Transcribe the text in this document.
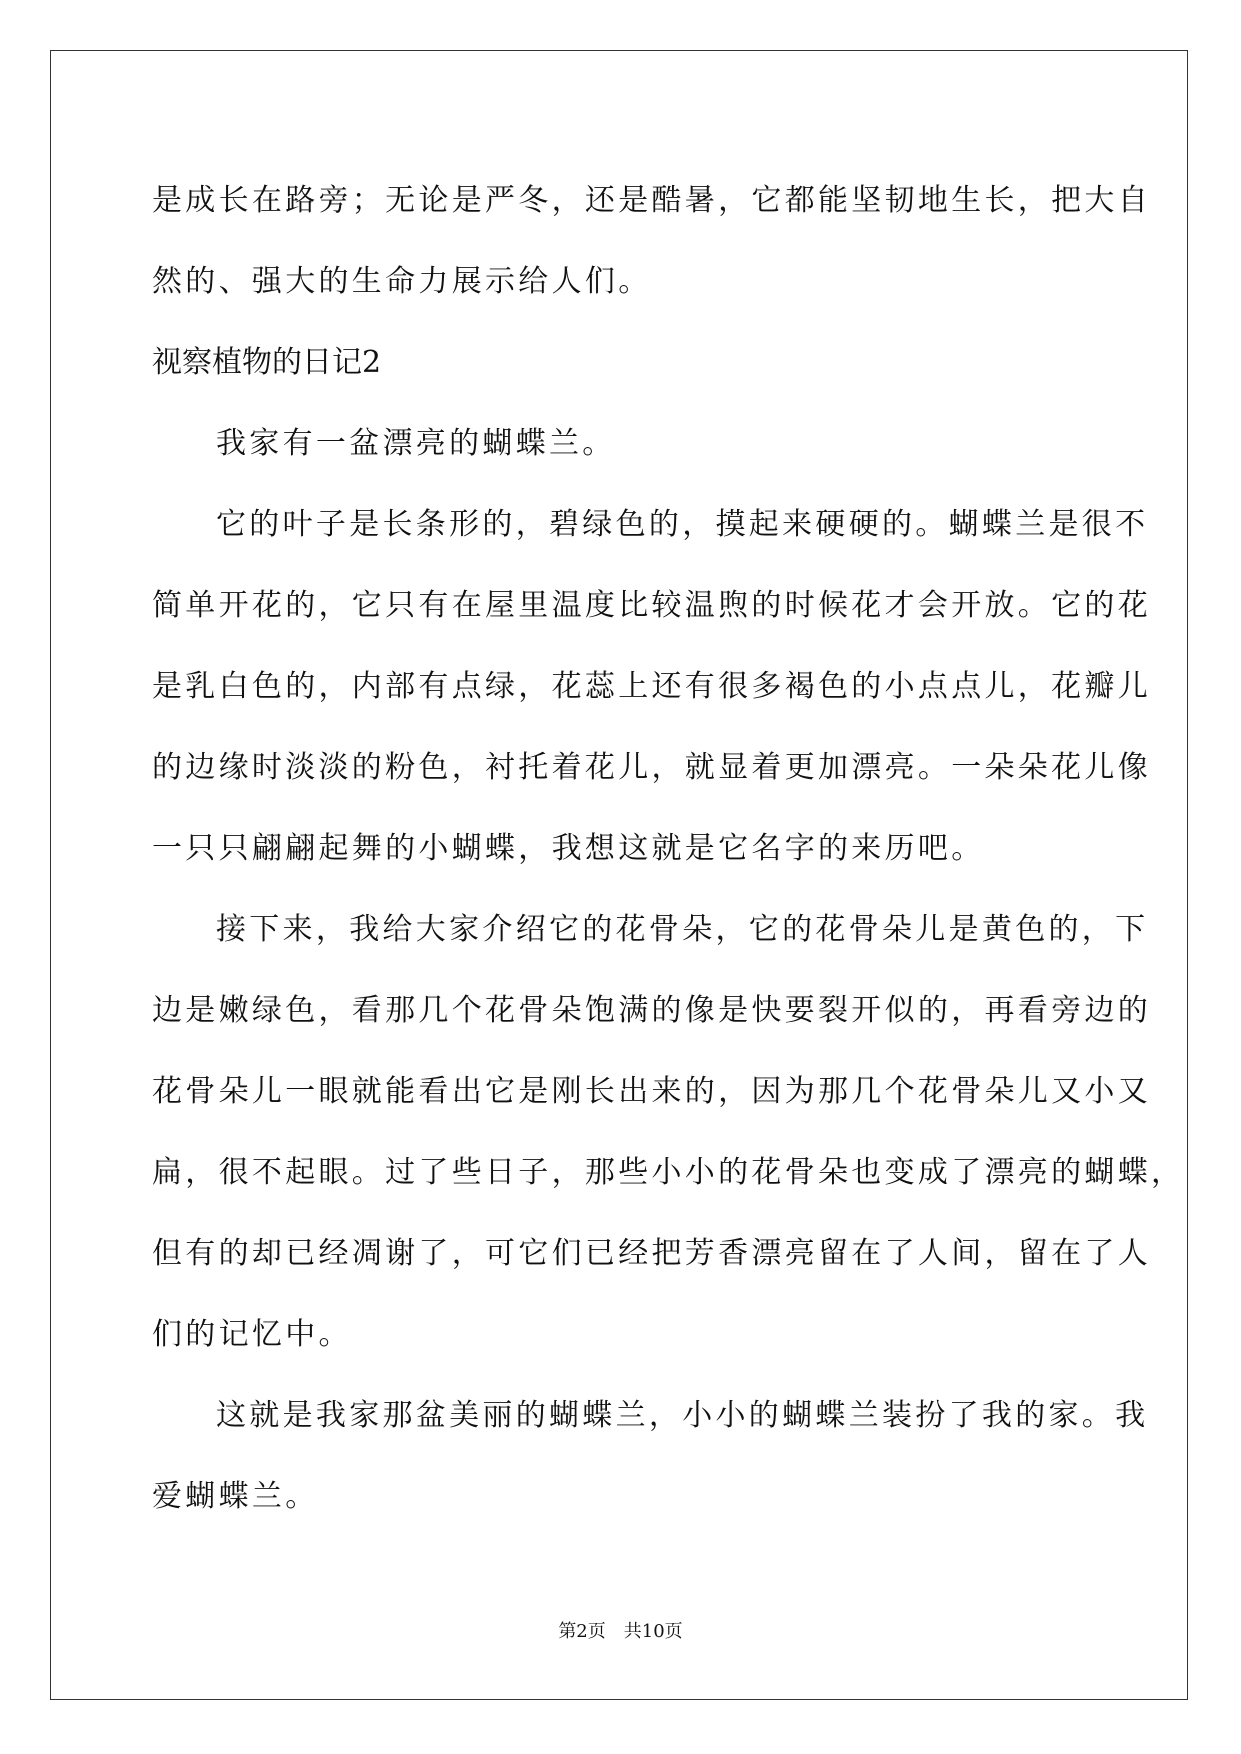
是成长在路旁；无论是严冬，还是酷暑，它都能坚韧地生长，把大自
然的、强大的生命力展示给人们。
视察植物的日记2
我家有一盆漂亮的蝴蝶兰。
它的叶子是长条形的，碧绿色的，摸起来硬硬的。蝴蝶兰是很不
简单开花的，它只有在屋里温度比较温煦的时候花才会开放。它的花
是乳白色的，内部有点绿，花蕊上还有很多褐色的小点点儿，花瓣儿
的边缘时淡淡的粉色，衬托着花儿，就显着更加漂亮。一朵朵花儿像
一只只翩翩起舞的小蝴蝶，我想这就是它名字的来历吧。
接下来，我给大家介绍它的花骨朵，它的花骨朵儿是黄色的，下
边是嫩绿色，看那几个花骨朵饱满的像是快要裂开似的，再看旁边的
花骨朵儿一眼就能看出它是刚长出来的，因为那几个花骨朵儿又小又
扁，很不起眼。过了些日子，那些小小的花骨朵也变成了漂亮的蝴蝶，
但有的却已经凋谢了，可它们已经把芳香漂亮留在了人间，留在了人
们的记忆中。
这就是我家那盆美丽的蝴蝶兰，小小的蝴蝶兰装扮了我的家。我
爱蝴蝶兰。
第2页 共10页
